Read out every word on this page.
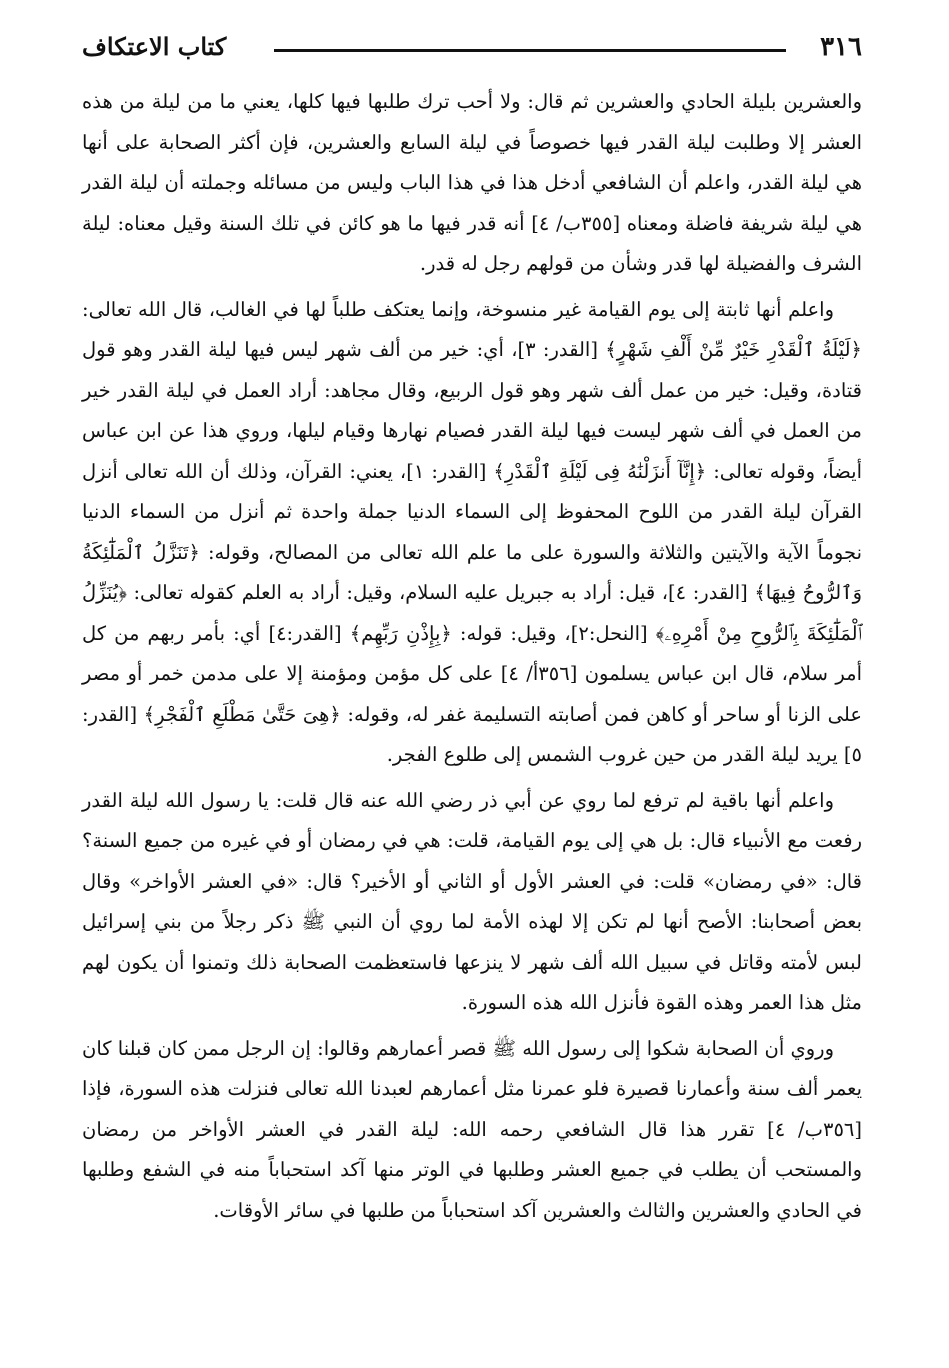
٣١٦
كتاب الاعتكاف

والعشرين بليلة الحادي والعشرين ثم قال: ولا أحب ترك طلبها فيها كلها، يعني ما من ليلة من هذه العشر إلا وطلبت ليلة القدر فيها خصوصاً في ليلة السابع والعشرين، فإن أكثر الصحابة على أنها هي ليلة القدر، واعلم أن الشافعي أدخل هذا في هذا الباب وليس من مسائله وجملته أن ليلة القدر هي ليلة شريفة فاضلة ومعناه [٣٥٥ب/ ٤] أنه قدر فيها ما هو كائن في تلك السنة وقيل معناه: ليلة الشرف والفضيلة لها قدر وشأن من قولهم رجل له قدر.

واعلم أنها ثابتة إلى يوم القيامة غير منسوخة، وإنما يعتكف طلباً لها في الغالب، قال الله تعالى: ﴿لَيْلَةُ ٱلْقَدْرِ خَيْرٌ مِّنْ أَلْفِ شَهْرٍ﴾ [القدر: ٣]، أي: خير من ألف شهر ليس فيها ليلة القدر وهو قول قتادة، وقيل: خير من عمل ألف شهر وهو قول الربيع، وقال مجاهد: أراد العمل في ليلة القدر خير من العمل في ألف شهر ليست فيها ليلة القدر فصيام نهارها وقيام ليلها، وروي هذا عن ابن عباس أيضاً، وقوله تعالى: ﴿إِنَّآ أَنزَلْنَٰهُ فِى لَيْلَةِ ٱلْقَدْرِ﴾ [القدر: ١]، يعني: القرآن، وذلك أن الله تعالى أنزل القرآن ليلة القدر من اللوح المحفوظ إلى السماء الدنيا جملة واحدة ثم أنزل من السماء الدنيا نجوماً الآية والآيتين والثلاثة والسورة على ما علم الله تعالى من المصالح، وقوله: ﴿تَنَزَّلُ ٱلْمَلَٰٓئِكَةُ وَٱلرُّوحُ فِيهَا﴾ [القدر: ٤]، قيل: أراد به جبريل عليه السلام، وقيل: أراد به العلم كقوله تعالى: ﴿يُنَزِّلُ ٱلْمَلَٰٓئِكَةَ بِٱلرُّوحِ مِنْ أَمْرِهِۦ﴾ [النحل:٢]، وقيل: قوله: ﴿بِإِذْنِ رَبِّهِم﴾ [القدر:٤] أي: بأمر ربهم من كل أمر سلام، قال ابن عباس يسلمون [٣٥٦أ/ ٤] على كل مؤمن ومؤمنة إلا على مدمن خمر أو مصر على الزنا أو ساحر أو كاهن فمن أصابته التسليمة غفر له، وقوله: ﴿هِىَ حَتَّىٰ مَطْلَعِ ٱلْفَجْرِ﴾ [القدر: ٥] يريد ليلة القدر من حين غروب الشمس إلى طلوع الفجر.

واعلم أنها باقية لم ترفع لما روي عن أبي ذر رضي الله عنه قال قلت: يا رسول الله ليلة القدر رفعت مع الأنبياء قال: بل هي إلى يوم القيامة، قلت: هي في رمضان أو في غيره من جميع السنة؟ قال: «في رمضان» قلت: في العشر الأول أو الثاني أو الأخير؟ قال: «في العشر الأواخر» وقال بعض أصحابنا: الأصح أنها لم تكن إلا لهذه الأمة لما روي أن النبي ﷺ ذكر رجلاً من بني إسرائيل لبس لأمته وقاتل في سبيل الله ألف شهر لا ينزعها فاستعظمت الصحابة ذلك وتمنوا أن يكون لهم مثل هذا العمر وهذه القوة فأنزل الله هذه السورة.

وروي أن الصحابة شكوا إلى رسول الله ﷺ قصر أعمارهم وقالوا: إن الرجل ممن كان قبلنا كان يعمر ألف سنة وأعمارنا قصيرة فلو عمرنا مثل أعمارهم لعبدنا الله تعالى فنزلت هذه السورة، فإذا [٣٥٦ب/ ٤] تقرر هذا قال الشافعي رحمه الله: ليلة القدر في العشر الأواخر من رمضان والمستحب أن يطلب في جميع العشر وطلبها في الوتر منها آكد استحباباً منه في الشفع وطلبها في الحادي والعشرين والثالث والعشرين آكد استحباباً من طلبها في سائر الأوقات.
